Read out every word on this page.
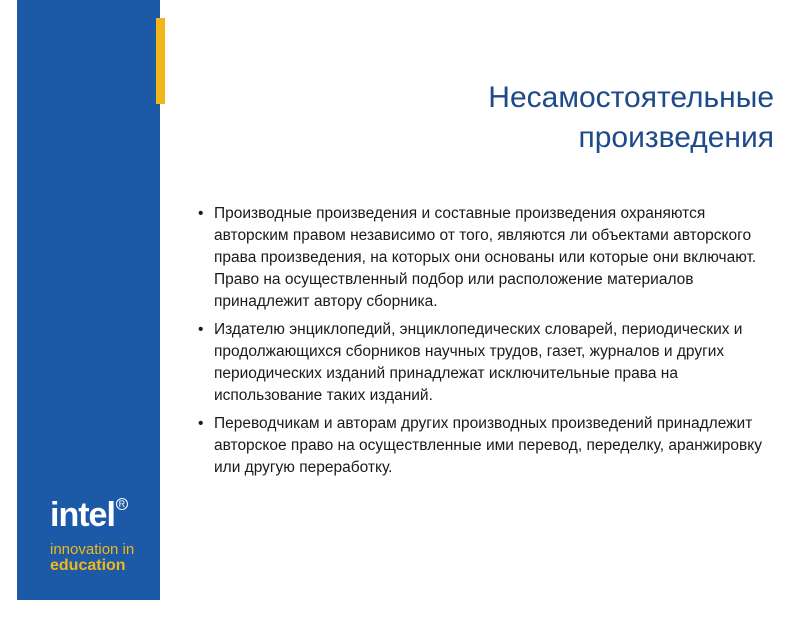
intel R
innovation in
education
Несамостоятельные
произведения
• Производные произведения и составные произведения охраняются авторским правом независимо от того, являются ли объектами авторского права произведения, на которых они основаны или которые они включают. Право на осуществленный подбор или расположение материалов принадлежит автору сборника.
• Издателю энциклопедий, энциклопедических словарей, периодических и продолжающихся сборников научных трудов, газет, журналов и других периодических изданий принадлежат исключительные права на использование таких изданий.
• Переводчикам и авторам других производных произведений принадлежит авторское право на осуществленные ими перевод, переделку, аранжировку или другую переработку.
